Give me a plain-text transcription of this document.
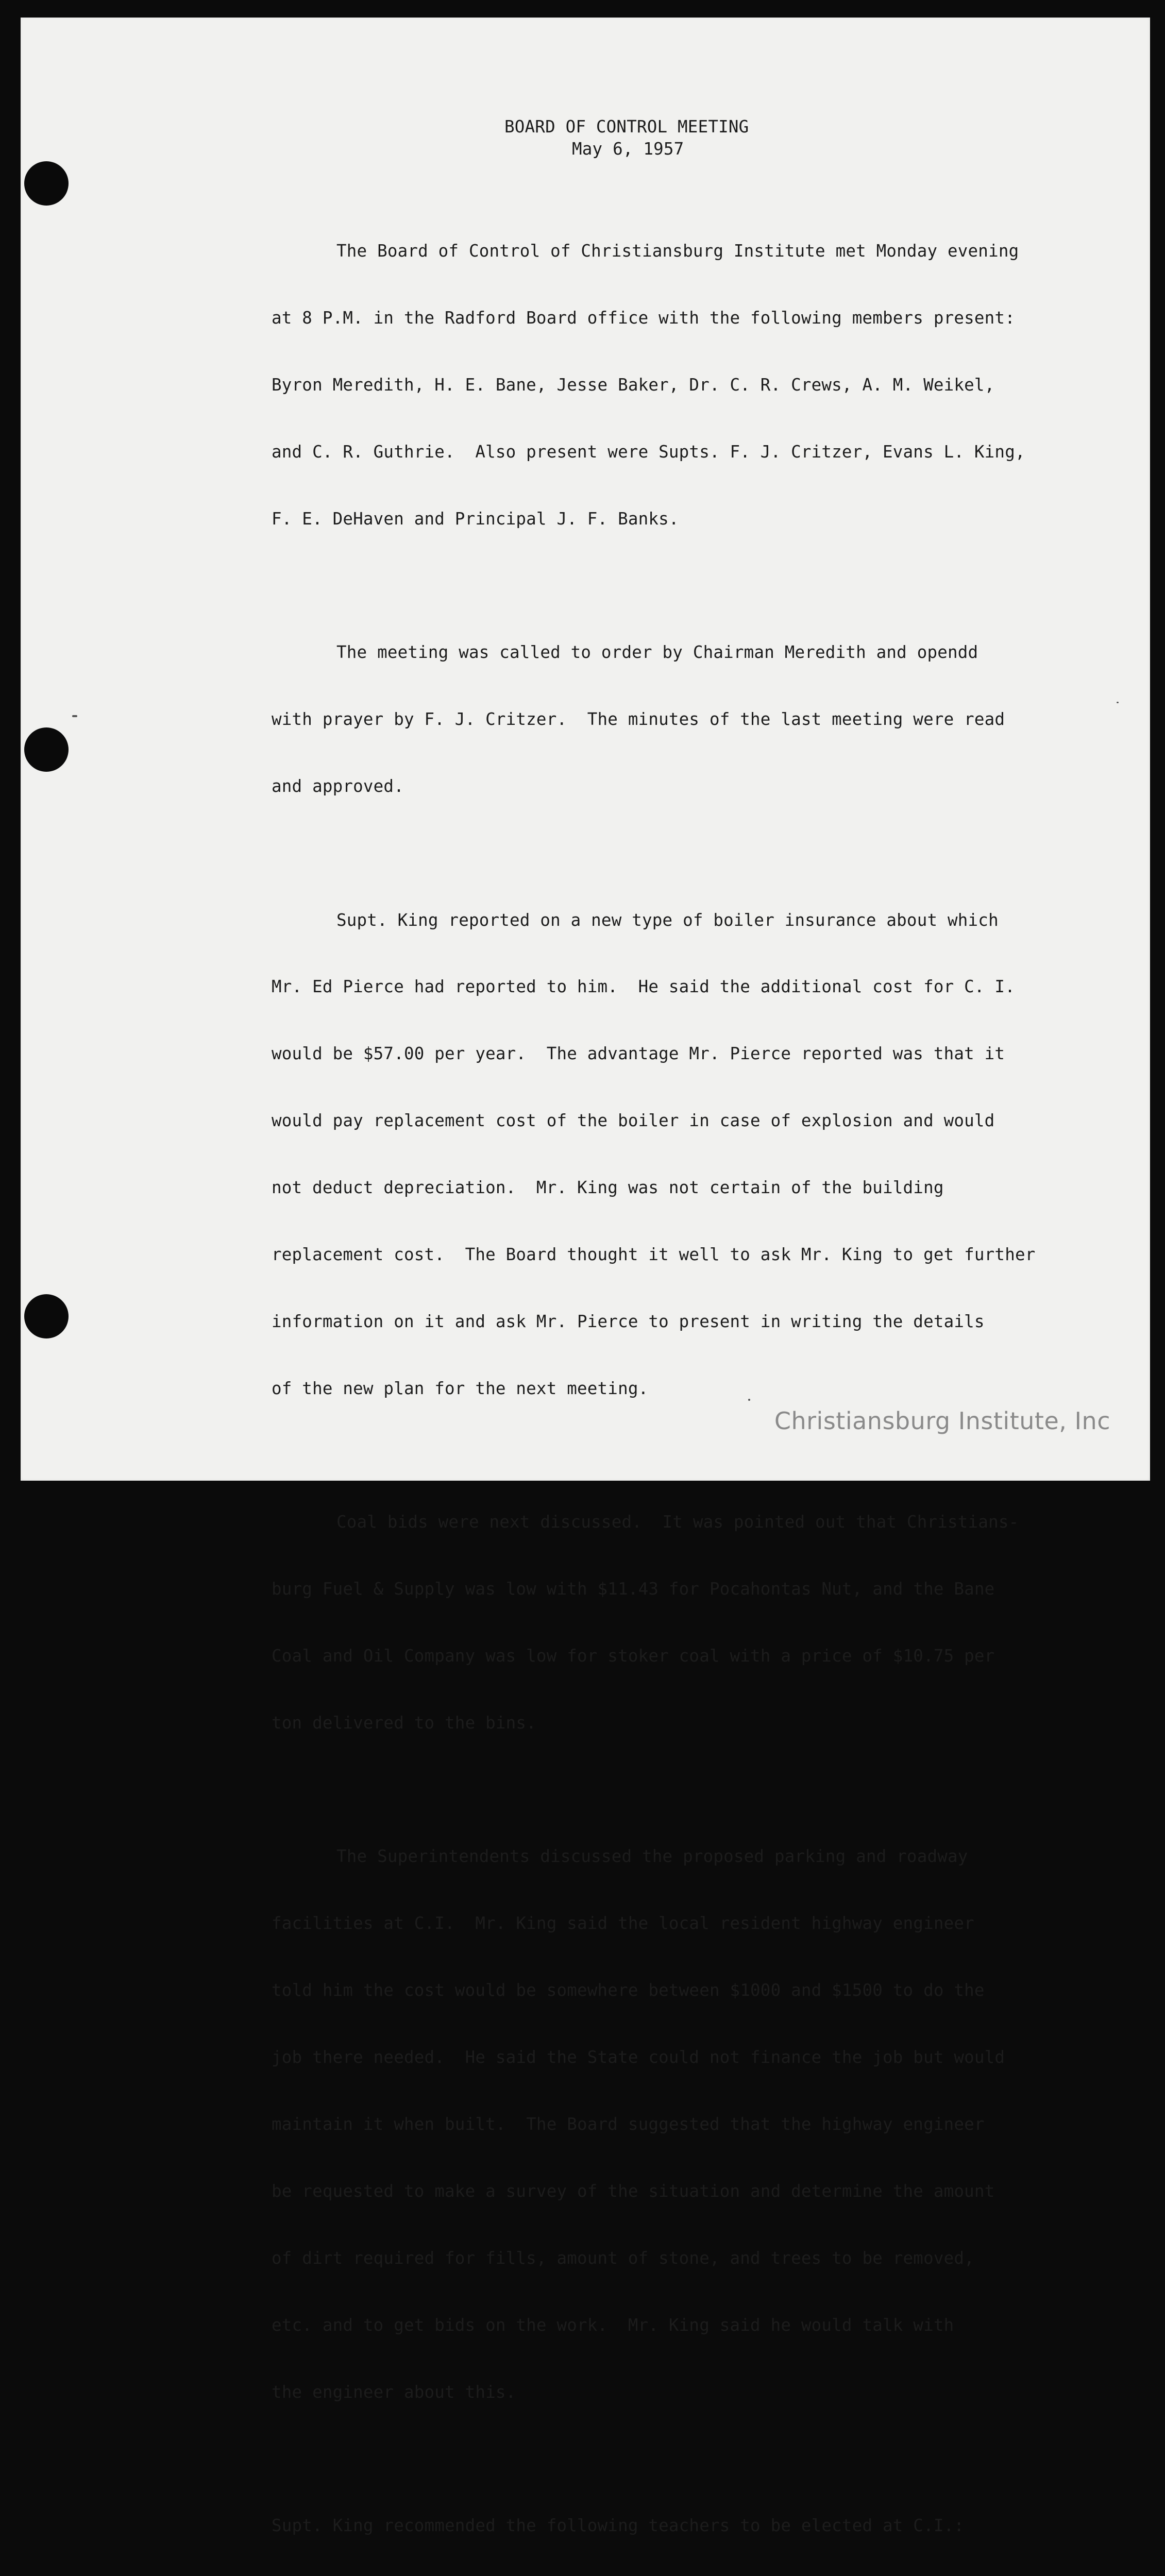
BOARD OF CONTROL MEETING

May 6, 1957

The Board of Control of Christiansburg Institute met Monday evening

at 8 P.M. in the Radford Board office with the following members present:

Byron Meredith, H. E. Bane, Jesse Baker, Dr. C. R. Crews, A. M. Weikel,

and C. R. Guthrie.  Also present were Supts. F. J. Critzer, Evans L. King,

F. E. DeHaven and Principal J. F. Banks.

The meeting was called to order by Chairman Meredith and opendd

with prayer by F. J. Critzer.  The minutes of the last meeting were read

and approved.

Supt. King reported on a new type of boiler insurance about which

Mr. Ed Pierce had reported to him.  He said the additional cost for C. I.

would be $57.00 per year.  The advantage Mr. Pierce reported was that it

would pay replacement cost of the boiler in case of explosion and would

not deduct depreciation.  Mr. King was not certain of the building

replacement cost.  The Board thought it well to ask Mr. King to get further

information on it and ask Mr. Pierce to present in writing the details

of the new plan for the next meeting.

Coal bids were next discussed.  It was pointed out that Christians-

burg Fuel & Supply was low with $11.43 for Pocahontas Nut, and the Bane

Coal and Oil Company was low for stoker coal with a price of $10.75 per

ton delivered to the bins.

The Superintendents discussed the proposed parking and roadway

facilities at C.I.  Mr. King said the local resident highway engineer

told him the cost would be somewhere between $1000 and $1500 to do the

job there needed.  He said the State could not finance the job but would

maintain it when built.  The Board suggested that the highway engineer

be requested to make a survey of the situation and determine the amount

of dirt required for fills, amount of stone, and trees to be removed,

etc. and to get bids on the work.  Mr. King said he would talk with

the engineer about this.

Supt. King recommended the following teachers to be elected at C.I.:

Christiansburg Institute, Inc
